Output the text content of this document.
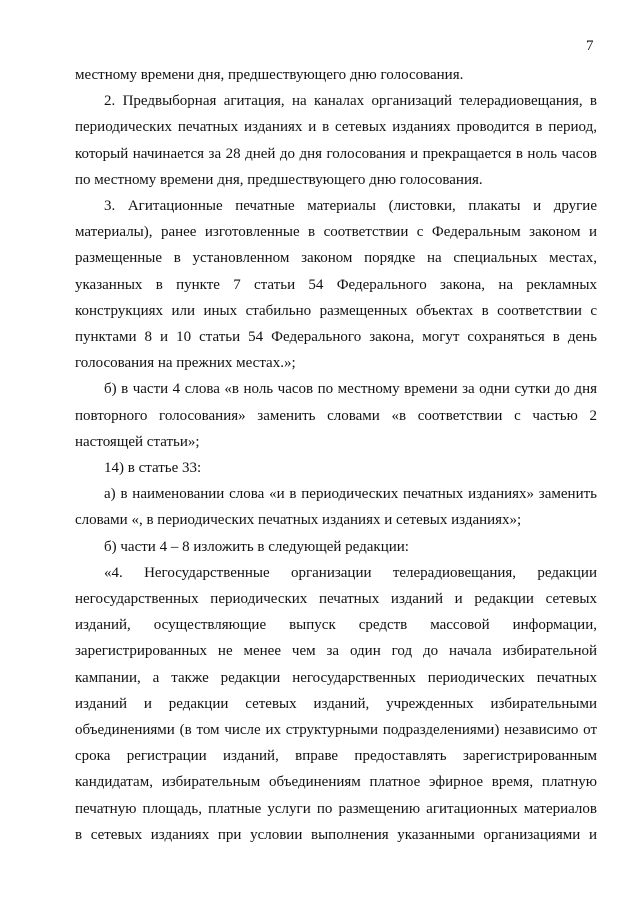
7
местному времени дня, предшествующего дню голосования.
2. Предвыборная агитация, на каналах организаций телерадиовещания, в
периодических печатных изданиях и в сетевых изданиях проводится в период,
который начинается за 28 дней до дня голосования и прекращается в ноль часов
по местному времени дня, предшествующего дню голосования.
3. Агитационные печатные материалы (листовки, плакаты и другие
материалы), ранее изготовленные в соответствии с Федеральным законом и
размещенные в установленном законом порядке на специальных местах,
указанных в пункте 7 статьи 54 Федерального закона, на рекламных
конструкциях или иных стабильно размещенных объектах в соответствии с
пунктами 8 и 10 статьи 54 Федерального закона, могут сохраняться в день
голосования на прежних местах.»;
б) в части 4 слова «в ноль часов по местному времени за одни сутки до дня
повторного голосования» заменить словами «в соответствии с частью 2
настоящей статьи»;
14) в статье 33:
а) в наименовании слова «и в периодических печатных изданиях» заменить
словами «, в периодических печатных изданиях и сетевых изданиях»;
б) части 4 – 8 изложить в следующей редакции:
«4. Негосударственные организации телерадиовещания, редакции
негосударственных периодических печатных изданий и редакции сетевых
изданий, осуществляющие выпуск средств массовой информации,
зарегистрированных не менее чем за один год до начала избирательной
кампании, а также редакции негосударственных периодических печатных
изданий и редакции сетевых изданий, учрежденных избирательными
объединениями (в том числе их структурными подразделениями) независимо от
срока регистрации изданий, вправе предоставлять зарегистрированным
кандидатам, избирательным объединениям платное эфирное время, платную
печатную площадь, платные услуги по размещению агитационных материалов
в сетевых изданиях при условии выполнения указанными организациями и
